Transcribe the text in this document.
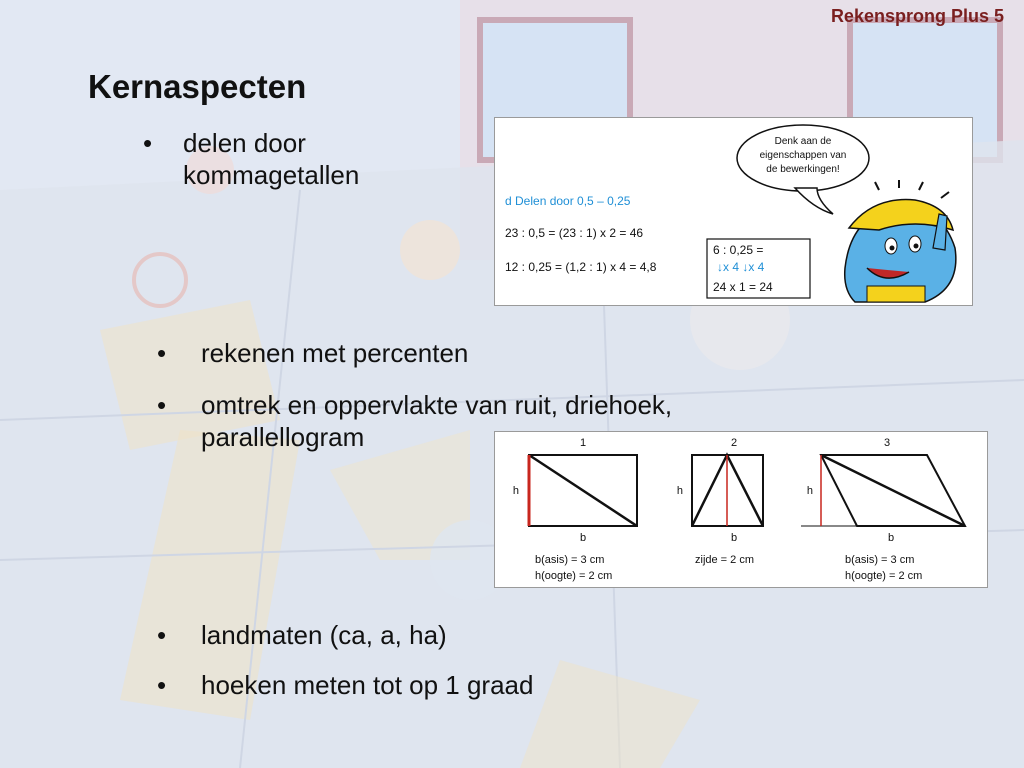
Rekensprong Plus 5
Kernaspecten
• delen door
kommagetallen
d Delen door 0,5 – 0,25
23 : 0,5 = (23 : 1) x 2 = 46
12 : 0,25 = (1,2 : 1) x 4 = 4,8
6 : 0,25 =
↓x 4 ↓x 4
24 x 1 = 24
Denk aan de
eigenschappen van
de bewerkingen!
• rekenen met percenten
• omtrek en oppervlakte van ruit, driehoek,
parallellogram	1	2	3
h	h	h
b	b	b
b(asis) = 3 cm
h(oogte) = 2 cm
zijde = 2 cm	b(asis) = 3 cm
h(oogte) = 2 cm
• landmaten (ca, a, ha)
• hoeken meten tot op 1 graad
